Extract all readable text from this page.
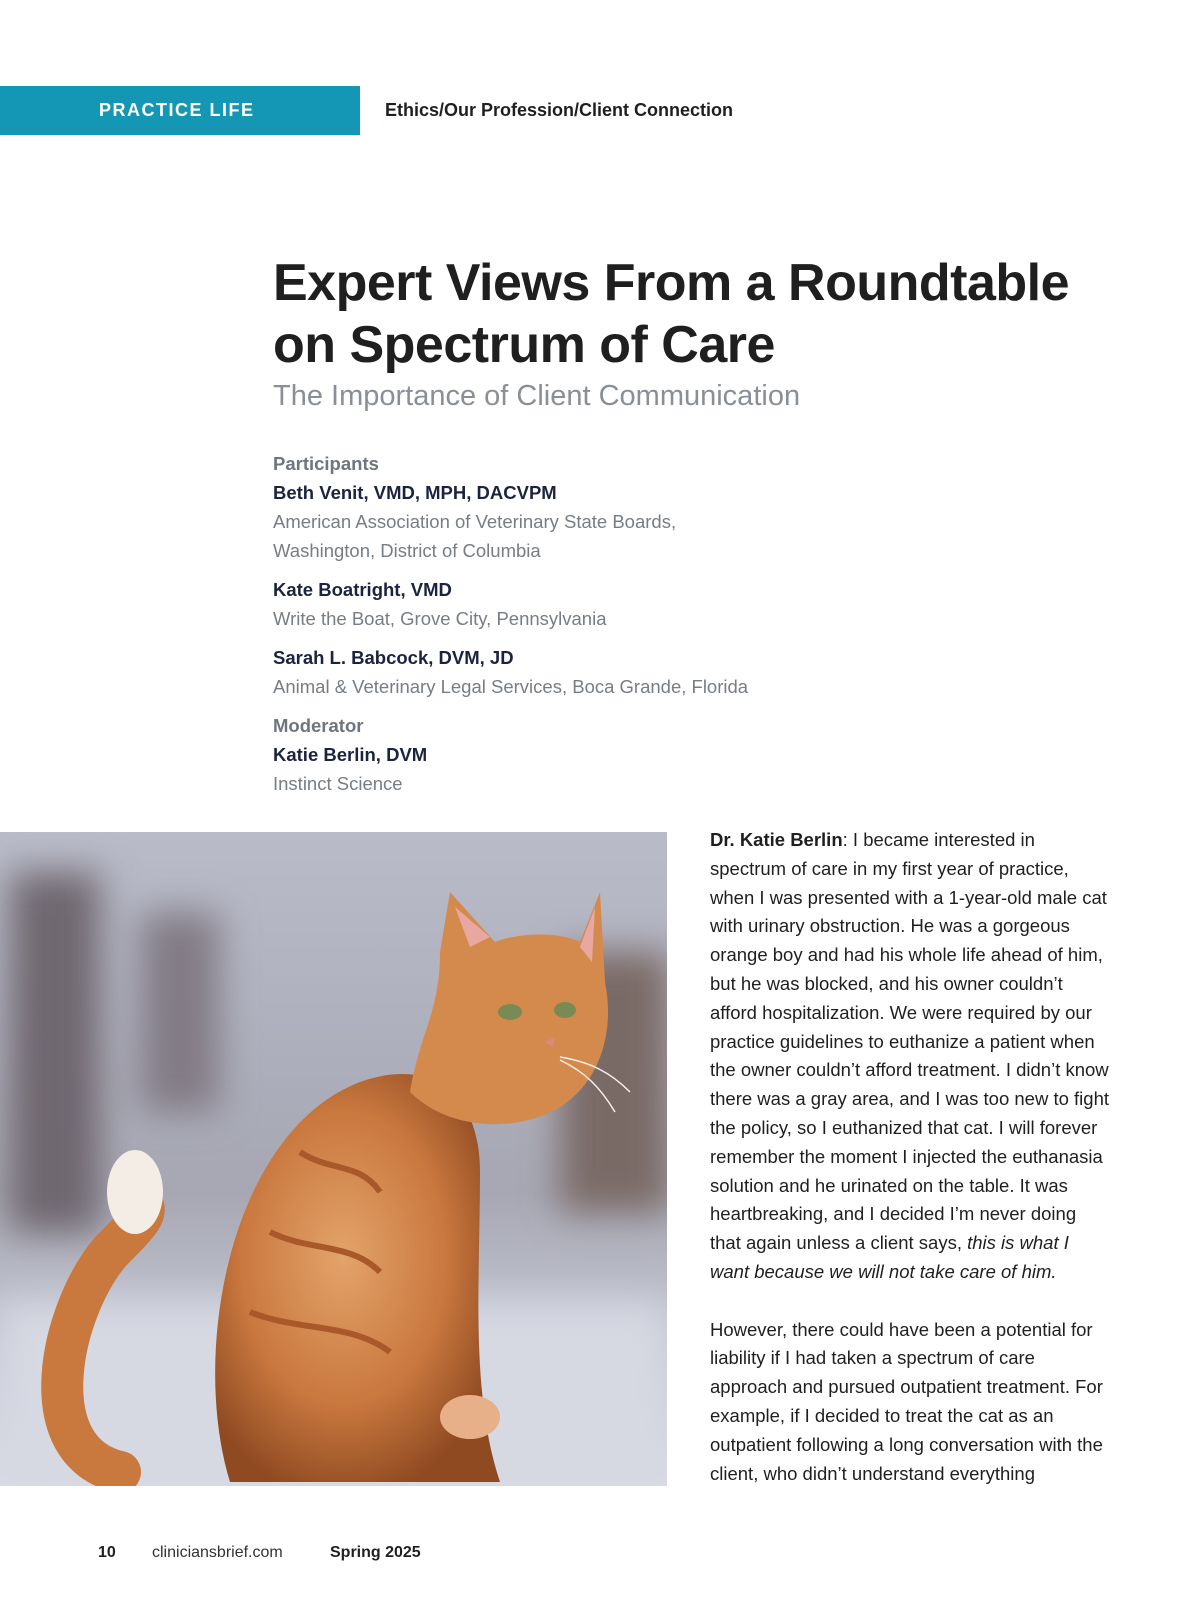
PRACTICE LIFE	Ethics/Our Profession/Client Connection
Expert Views From a Roundtable
on Spectrum of Care
The Importance of Client Communication
Participants
Beth Venit, VMD, MPH, DACVPM
American Association of Veterinary State Boards,
Washington, District of Columbia
Kate Boatright, VMD
Write the Boat, Grove City, Pennsylvania
Sarah L. Babcock, DVM, JD
Animal & Veterinary Legal Services, Boca Grande, Florida
Moderator
Katie Berlin, DVM
Instinct Science

Dr. Katie Berlin: I became interested in spectrum of care in my first year of practice, when I was presented with a 1-year-old male cat with urinary obstruction. He was a gorgeous orange boy and had his whole life ahead of him, but he was blocked, and his owner couldn’t afford hospitalization. We were required by our practice guidelines to euthanize a patient when the owner couldn’t afford treatment. I didn’t know there was a gray area, and I was too new to fight the policy, so I euthanized that cat. I will forever remember the moment I injected the euthanasia solution and he urinated on the table. It was heartbreaking, and I decided I’m never doing that again unless a client says, this is what I want because we will not take care of him.

However, there could have been a potential for liability if I had taken a spectrum of care approach and pursued outpatient treatment. For example, if I decided to treat the cat as an outpatient following a long conversation with the client, who didn’t understand everything

10	cliniciansbrief.com	Spring 2025
